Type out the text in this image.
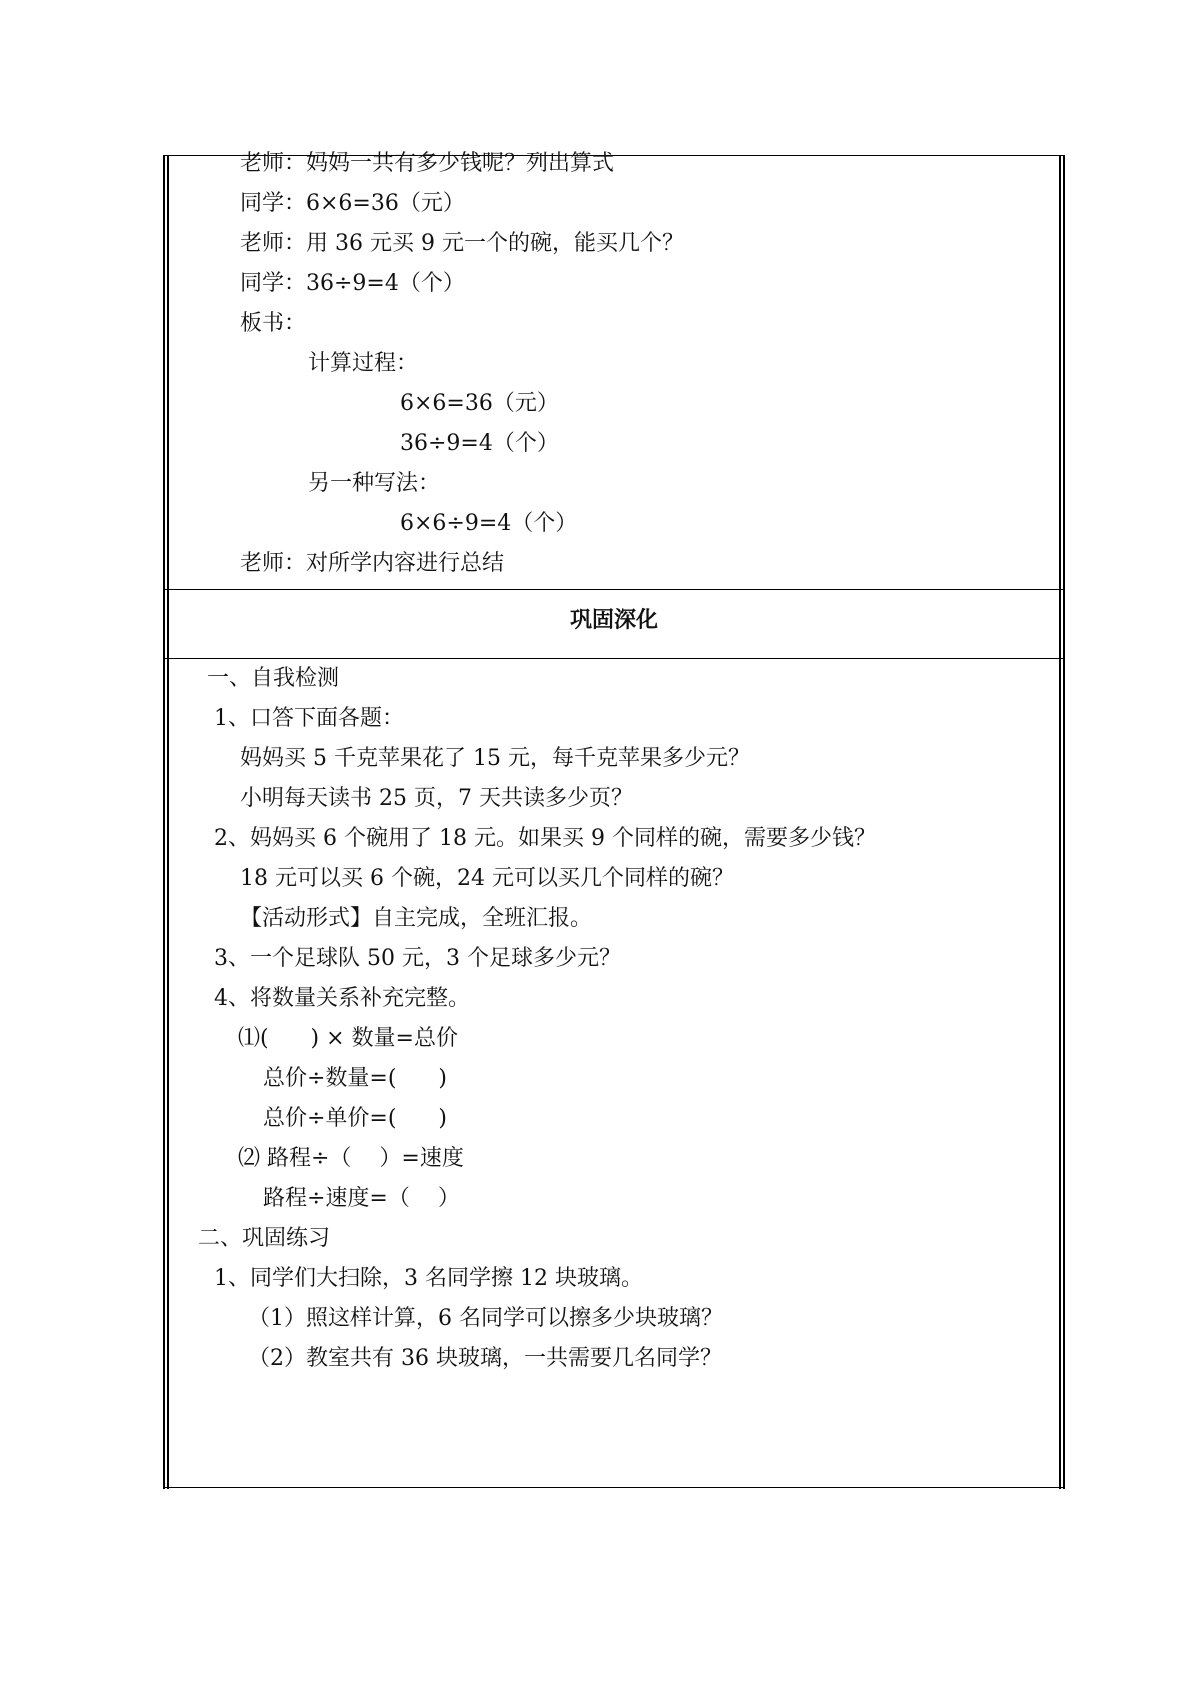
老师：妈妈一共有多少钱呢？列出算式
同学：6×6=36（元）
老师：用 36 元买 9 元一个的碗，能买几个？
同学：36÷9=4（个）
板书：
计算过程：
6×6=36（元）
36÷9=4（个）
另一种写法：
6×6÷9=4（个）
老师：对所学内容进行总结
巩固深化
一、自我检测
1、口答下面各题：
妈妈买 5 千克苹果花了 15 元，每千克苹果多少元？
小明每天读书 25 页，7 天共读多少页？
2、妈妈买 6 个碗用了 18 元。如果买 9 个同样的碗，需要多少钱？
18 元可以买 6 个碗，24 元可以买几个同样的碗？
【活动形式】自主完成，全班汇报。
3、一个足球队 50 元，3 个足球多少元？
4、将数量关系补充完整。
⑴(      ) × 数量=总价
总价÷数量=(      )
总价÷单价=(      )
⑵ 路程÷（    ）=速度
路程÷速度=（    ）
二、巩固练习
1、同学们大扫除，3 名同学擦 12 块玻璃。
（1）照这样计算，6 名同学可以擦多少块玻璃？
（2）教室共有 36 块玻璃，一共需要几名同学？
